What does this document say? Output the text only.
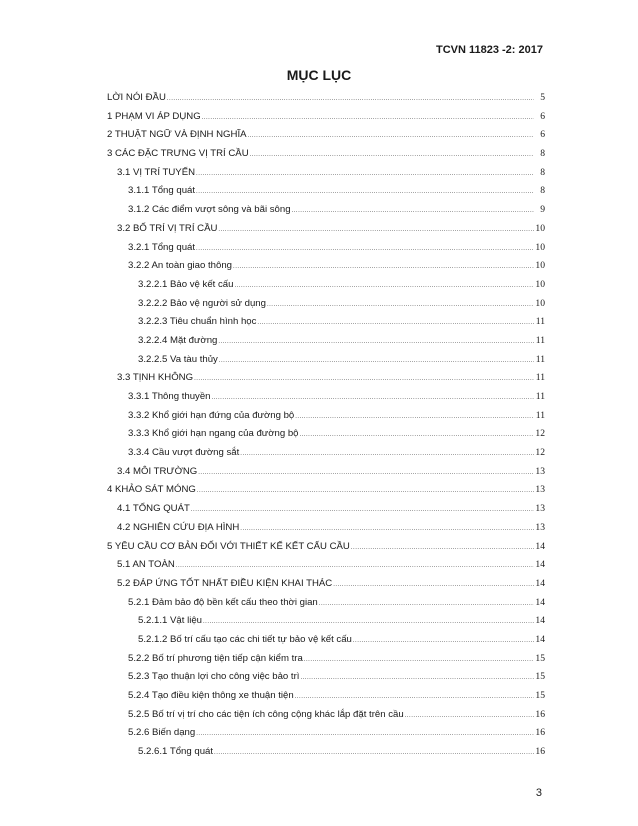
TCVN 11823 -2: 2017
MỤC LỤC
LỜI NÓI ĐẦU .....	5
1 PHẠM VI ÁP DỤNG .....	6
2 THUẬT NGỮ VÀ ĐỊNH NGHĨA .....	6
3 CÁC ĐẶC TRƯNG VỊ TRÍ CẦU .....	8
3.1 VỊ TRÍ TUYẾN .....	8
3.1.1 Tổng quát .....	8
3.1.2 Các điểm vượt sông và bãi sông .....	9
3.2 BỐ TRÍ VỊ TRÍ CẦU .....	10
3.2.1 Tổng quát .....	10
3.2.2 An toàn giao thông .....	10
3.2.2.1 Bảo vệ kết cấu .....	10
3.2.2.2 Bảo vệ người sử dụng .....	10
3.2.2.3 Tiêu chuẩn hình học .....	11
3.2.2.4 Mặt đường .....	11
3.2.2.5 Va tàu thủy .....	11
3.3 TỊNH KHÔNG .....	11
3.3.1 Thông thuyền .....	11
3.3.2 Khổ giới hạn đứng của đường bộ .....	11
3.3.3 Khổ giới hạn ngang của đường bộ .....	12
3.3.4 Cầu vượt đường sắt .....	12
3.4 MÔI TRƯỜNG .....	13
4 KHẢO SÁT MÓNG .....	13
4.1 TỔNG QUÁT .....	13
4.2 NGHIÊN CỨU ĐỊA HÌNH .....	13
5 YÊU CẦU CƠ BẢN ĐỐI VỚI THIẾT KẾ KẾT CẤU CẦU .....	14
5.1 AN TOÀN .....	14
5.2 ĐÁP ỨNG TỐT NHẤT ĐIỀU KIỆN KHAI THÁC .....	14
5.2.1 Đảm bảo độ bền kết cấu theo thời gian .....	14
5.2.1.1 Vật liệu .....	14
5.2.1.2 Bố trí cấu tạo các chi tiết tự bảo vệ kết cấu .....	14
5.2.2 Bố trí phương tiện tiếp cận kiểm tra .....	15
5.2.3 Tạo thuận lợi cho công việc bảo trì .....	15
5.2.4 Tạo điều kiện thông xe thuận tiện .....	15
5.2.5 Bố trí vị trí cho các tiện ích công cộng khác lắp đặt trên cầu .....	16
5.2.6 Biến dạng .....	16
5.2.6.1 Tổng quát .....	16
3
